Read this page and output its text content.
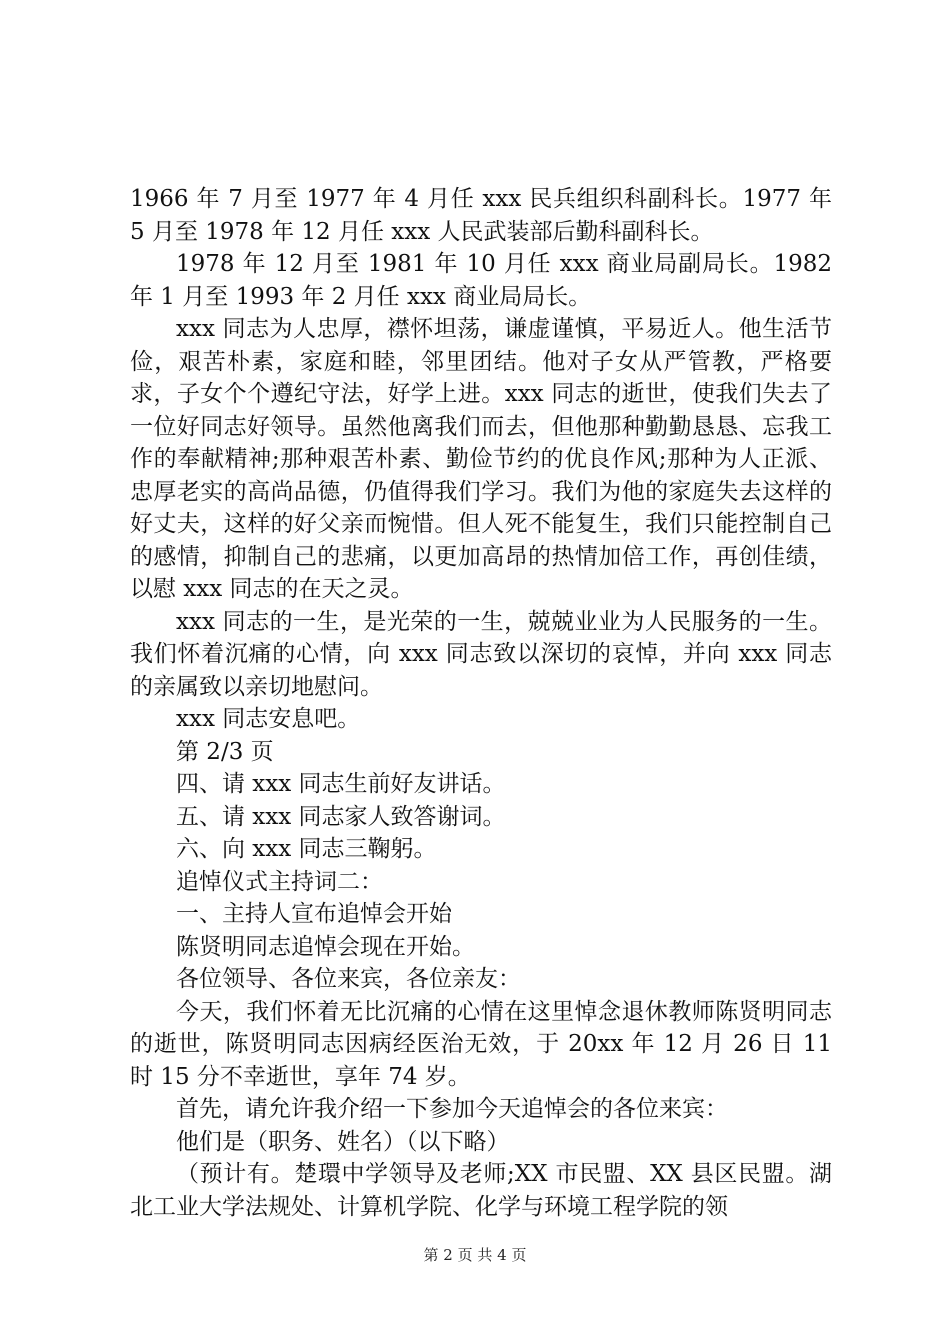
1966 年 7 月至 1977 年 4 月任 xxx 民兵组织科副科长。1977 年 5 月至 1978 年 12 月任 xxx 人民武装部后勤科副科长。

1978 年 12 月至 1981 年 10 月任 xxx 商业局副局长。1982 年 1 月至 1993 年 2 月任 xxx 商业局局长。

xxx 同志为人忠厚，襟怀坦荡，谦虚谨慎，平易近人。他生活节俭，艰苦朴素，家庭和睦，邻里团结。他对子女从严管教，严格要求，子女个个遵纪守法，好学上进。xxx 同志的逝世，使我们失去了一位好同志好领导。虽然他离我们而去，但他那种勤勤恳恳、忘我工作的奉献精神;那种艰苦朴素、勤俭节约的优良作风;那种为人正派、忠厚老实的高尚品德，仍值得我们学习。我们为他的家庭失去这样的好丈夫，这样的好父亲而惋惜。但人死不能复生，我们只能控制自己的感情，抑制自己的悲痛，以更加高昂的热情加倍工作，再创佳绩，以慰 xxx 同志的在天之灵。

xxx 同志的一生，是光荣的一生，兢兢业业为人民服务的一生。我们怀着沉痛的心情，向 xxx 同志致以深切的哀悼，并向 xxx 同志的亲属致以亲切地慰问。

xxx 同志安息吧。

第 2/3 页

四、请 xxx 同志生前好友讲话。

五、请 xxx 同志家人致答谢词。

六、向 xxx 同志三鞠躬。

追悼仪式主持词二：

一、主持人宣布追悼会开始

陈贤明同志追悼会现在开始。

各位领导、各位来宾，各位亲友：

今天，我们怀着无比沉痛的心情在这里悼念退休教师陈贤明同志的逝世，陈贤明同志因病经医治无效，于 20xx 年 12 月 26 日 11 时 15 分不幸逝世，享年 74 岁。

首先，请允许我介绍一下参加今天追悼会的各位来宾：

他们是（职务、姓名）（以下略）

（预计有。楚環中学领导及老师;XX 市民盟、XX 县区民盟。湖北工业大学法规处、计算机学院、化学与环境工程学院的领

第 2 页 共 4 页
